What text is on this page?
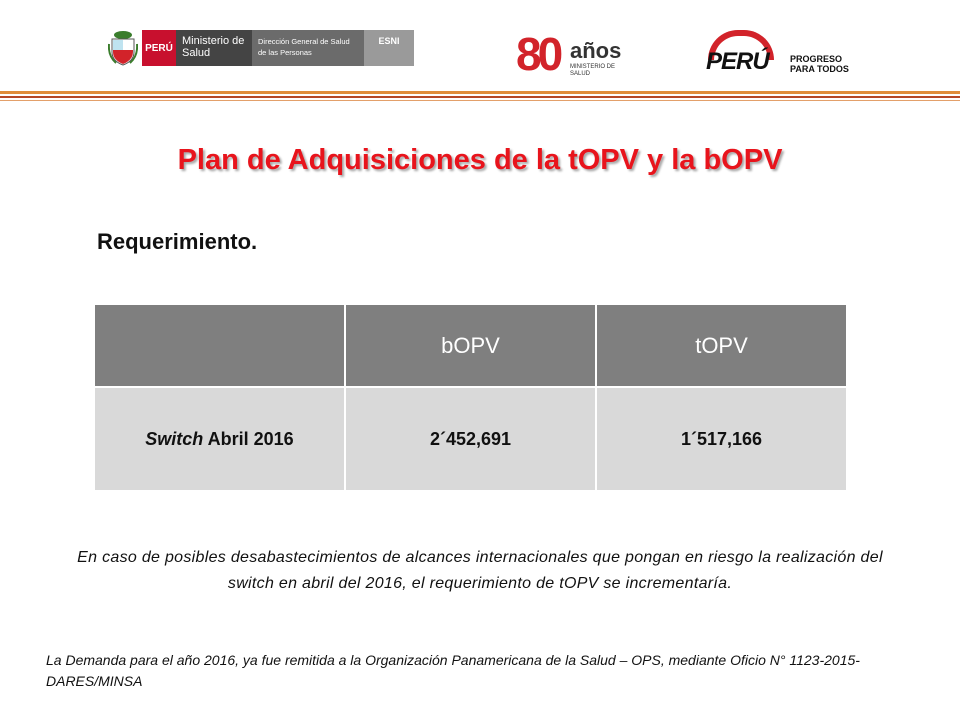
PERÚ
Ministerio de Salud
Dirección General de Salud de las Personas
ESNI	80 años
MINISTERIO DE SALUD	PERÚ PROGRESO
PARA TODOS
Plan de Adquisiciones de la tOPV y la bOPV
Requerimiento.
	bOPV	tOPV
Switch Abril 2016	2´452,691	1´517,166
En caso de posibles desabastecimientos de alcances internacionales que pongan en riesgo la realización del switch en abril del 2016, el requerimiento de tOPV se incrementaría.
La Demanda para el año 2016, ya fue remitida a la Organización Panamericana de la Salud – OPS, mediante Oficio N° 1123-2015-DARES/MINSA
